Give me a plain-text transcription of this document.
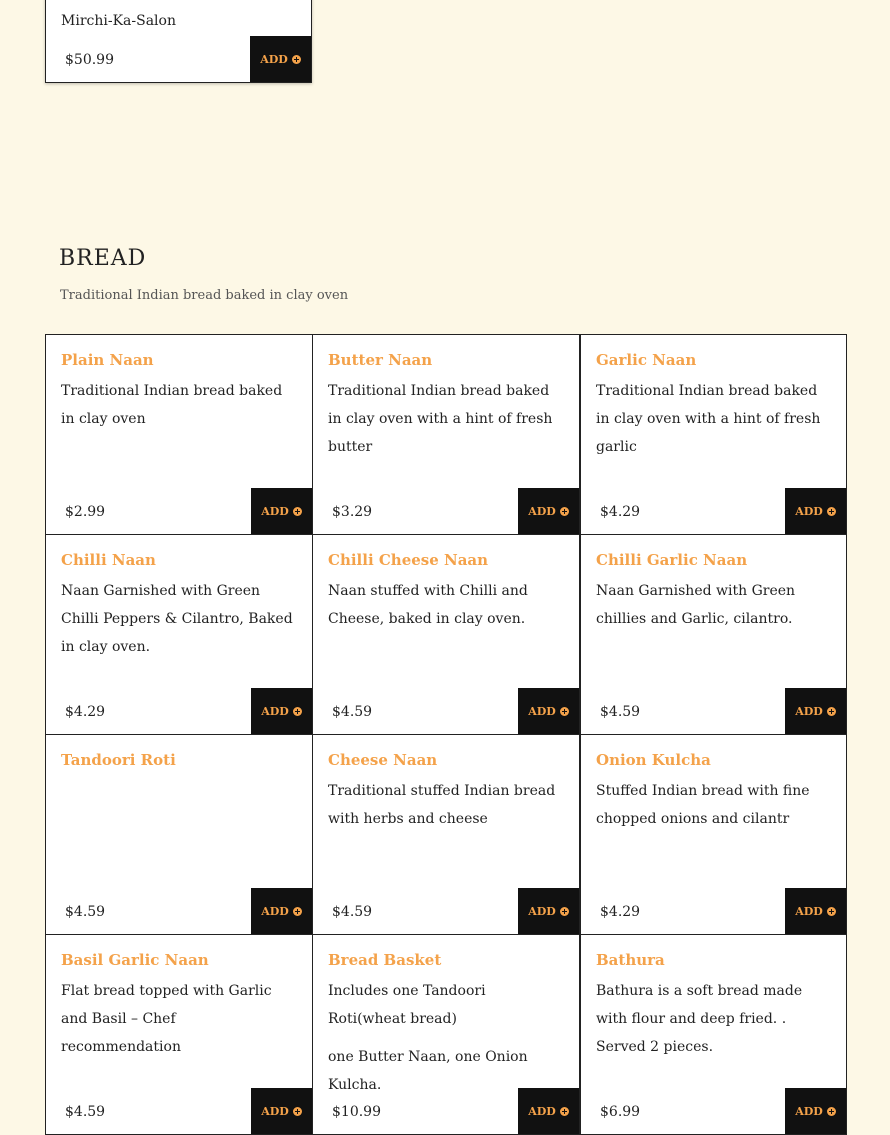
Mirchi-Ka-Salon
$50.99	ADD
BREAD

Traditional Indian bread baked in clay oven

Plain Naan

Traditional Indian bread baked in clay oven

$2.99	ADD
Butter Naan

Traditional Indian bread baked in clay oven with a hint of fresh butter

$3.29	ADD
Garlic Naan

Traditional Indian bread baked in clay oven with a hint of fresh garlic

$4.29	ADD
Chilli Naan

Naan Garnished with Green Chilli Peppers & Cilantro, Baked in clay oven.

$4.29	ADD
Chilli Cheese Naan

Naan stuffed with Chilli and Cheese, baked in clay oven.

$4.59	ADD
Chilli Garlic Naan

Naan Garnished with Green chillies and Garlic, cilantro.

$4.59	ADD
Tandoori Roti
$4.59	ADD
Cheese Naan

Traditional stuffed Indian bread with herbs and cheese

$4.59	ADD
Onion Kulcha

Stuffed Indian bread with fine chopped onions and cilantr

$4.29	ADD
Basil Garlic Naan

Flat bread topped with Garlic and Basil – Chef recommendation

$4.59	ADD
Bread Basket

Includes one Tandoori Roti(wheat bread)

one Butter Naan, one Onion Kulcha.

$10.99	ADD
Bathura

Bathura is a soft bread made with flour and deep fried. . Served 2 pieces.

$6.99	ADD
